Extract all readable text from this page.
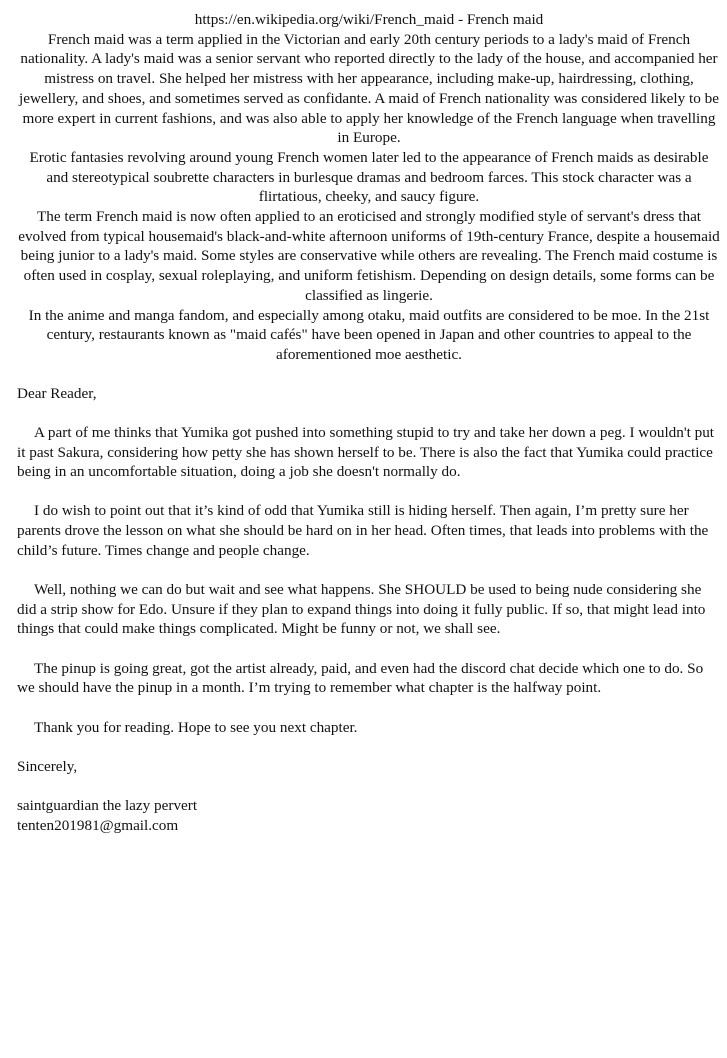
https://en.wikipedia.org/wiki/French_maid - French maid

French maid was a term applied in the Victorian and early 20th century periods to a lady's maid of French nationality. A lady's maid was a senior servant who reported directly to the lady of the house, and accompanied her mistress on travel. She helped her mistress with her appearance, including make-up, hairdressing, clothing, jewellery, and shoes, and sometimes served as confidante. A maid of French nationality was considered likely to be more expert in current fashions, and was also able to apply her knowledge of the French language when travelling in Europe.

Erotic fantasies revolving around young French women later led to the appearance of French maids as desirable and stereotypical soubrette characters in burlesque dramas and bedroom farces. This stock character was a flirtatious, cheeky, and saucy figure.

The term French maid is now often applied to an eroticised and strongly modified style of servant's dress that evolved from typical housemaid's black-and-white afternoon uniforms of 19th-century France, despite a housemaid being junior to a lady's maid. Some styles are conservative while others are revealing. The French maid costume is often used in cosplay, sexual roleplaying, and uniform fetishism. Depending on design details, some forms can be classified as lingerie.

In the anime and manga fandom, and especially among otaku, maid outfits are considered to be moe. In the 21st century, restaurants known as "maid cafés" have been opened in Japan and other countries to appeal to the aforementioned moe aesthetic.

Dear Reader,

A part of me thinks that Yumika got pushed into something stupid to try and take her down a peg. I wouldn't put it past Sakura, considering how petty she has shown herself to be. There is also the fact that Yumika could practice being in an uncomfortable situation, doing a job she doesn't normally do.

I do wish to point out that it’s kind of odd that Yumika still is hiding herself. Then again, I’m pretty sure her parents drove the lesson on what she should be hard on in her head. Often times, that leads into problems with the child’s future. Times change and people change.

Well, nothing we can do but wait and see what happens. She SHOULD be used to being nude considering she did a strip show for Edo. Unsure if they plan to expand things into doing it fully public. If so, that might lead into things that could make things complicated. Might be funny or not, we shall see.

The pinup is going great, got the artist already, paid, and even had the discord chat decide which one to do. So we should have the pinup in a month. I’m trying to remember what chapter is the halfway point.

Thank you for reading. Hope to see you next chapter.

Sincerely,

saintguardian the lazy pervert

tenten201981@gmail.com
